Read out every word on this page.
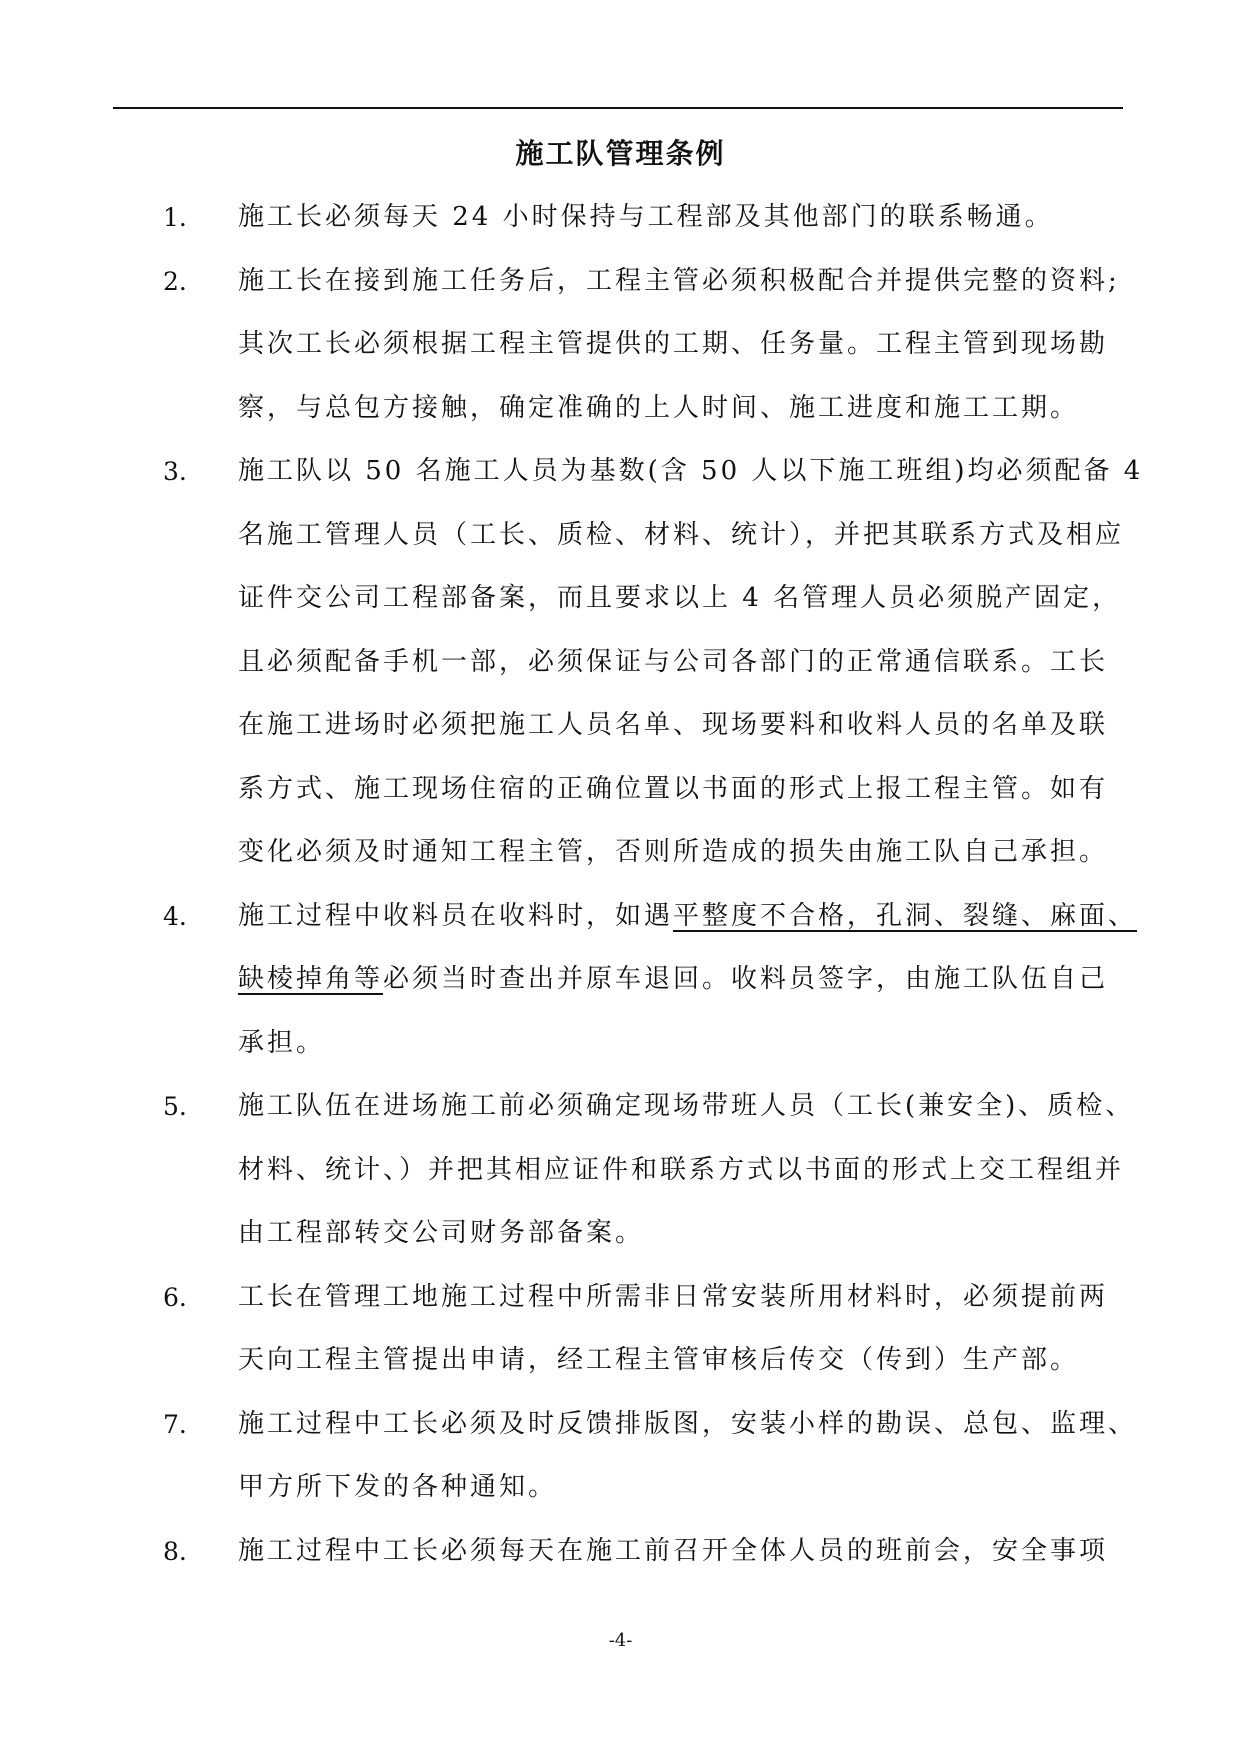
施工队管理条例
1. 施工长必须每天 24 小时保持与工程部及其他部门的联系畅通。
2. 施工长在接到施工任务后，工程主管必须积极配合并提供完整的资料;
其次工长必须根据工程主管提供的工期、任务量。工程主管到现场勘
察，与总包方接触，确定准确的上人时间、施工进度和施工工期。
3. 施工队以 50 名施工人员为基数(含 50 人以下施工班组)均必须配备 4
名施工管理人员（工长、质检、材料、统计），并把其联系方式及相应
证件交公司工程部备案，而且要求以上 4 名管理人员必须脱产固定，
且必须配备手机一部，必须保证与公司各部门的正常通信联系。工长
在施工进场时必须把施工人员名单、现场要料和收料人员的名单及联
系方式、施工现场住宿的正确位置以书面的形式上报工程主管。如有
变化必须及时通知工程主管，否则所造成的损失由施工队自己承担。
4. 施工过程中收料员在收料时，如遇平整度不合格，孔洞、裂缝、麻面、
缺棱掉角等必须当时查出并原车退回。收料员签字，由施工队伍自己
承担。
5. 施工队伍在进场施工前必须确定现场带班人员（工长(兼安全)、质检、
材料、统计、）并把其相应证件和联系方式以书面的形式上交工程组并
由工程部转交公司财务部备案。
6. 工长在管理工地施工过程中所需非日常安装所用材料时，必须提前两
天向工程主管提出申请，经工程主管审核后传交（传到）生产部。
7. 施工过程中工长必须及时反馈排版图，安装小样的勘误、总包、监理、
甲方所下发的各种通知。
8. 施工过程中工长必须每天在施工前召开全体人员的班前会，安全事项
-4-
